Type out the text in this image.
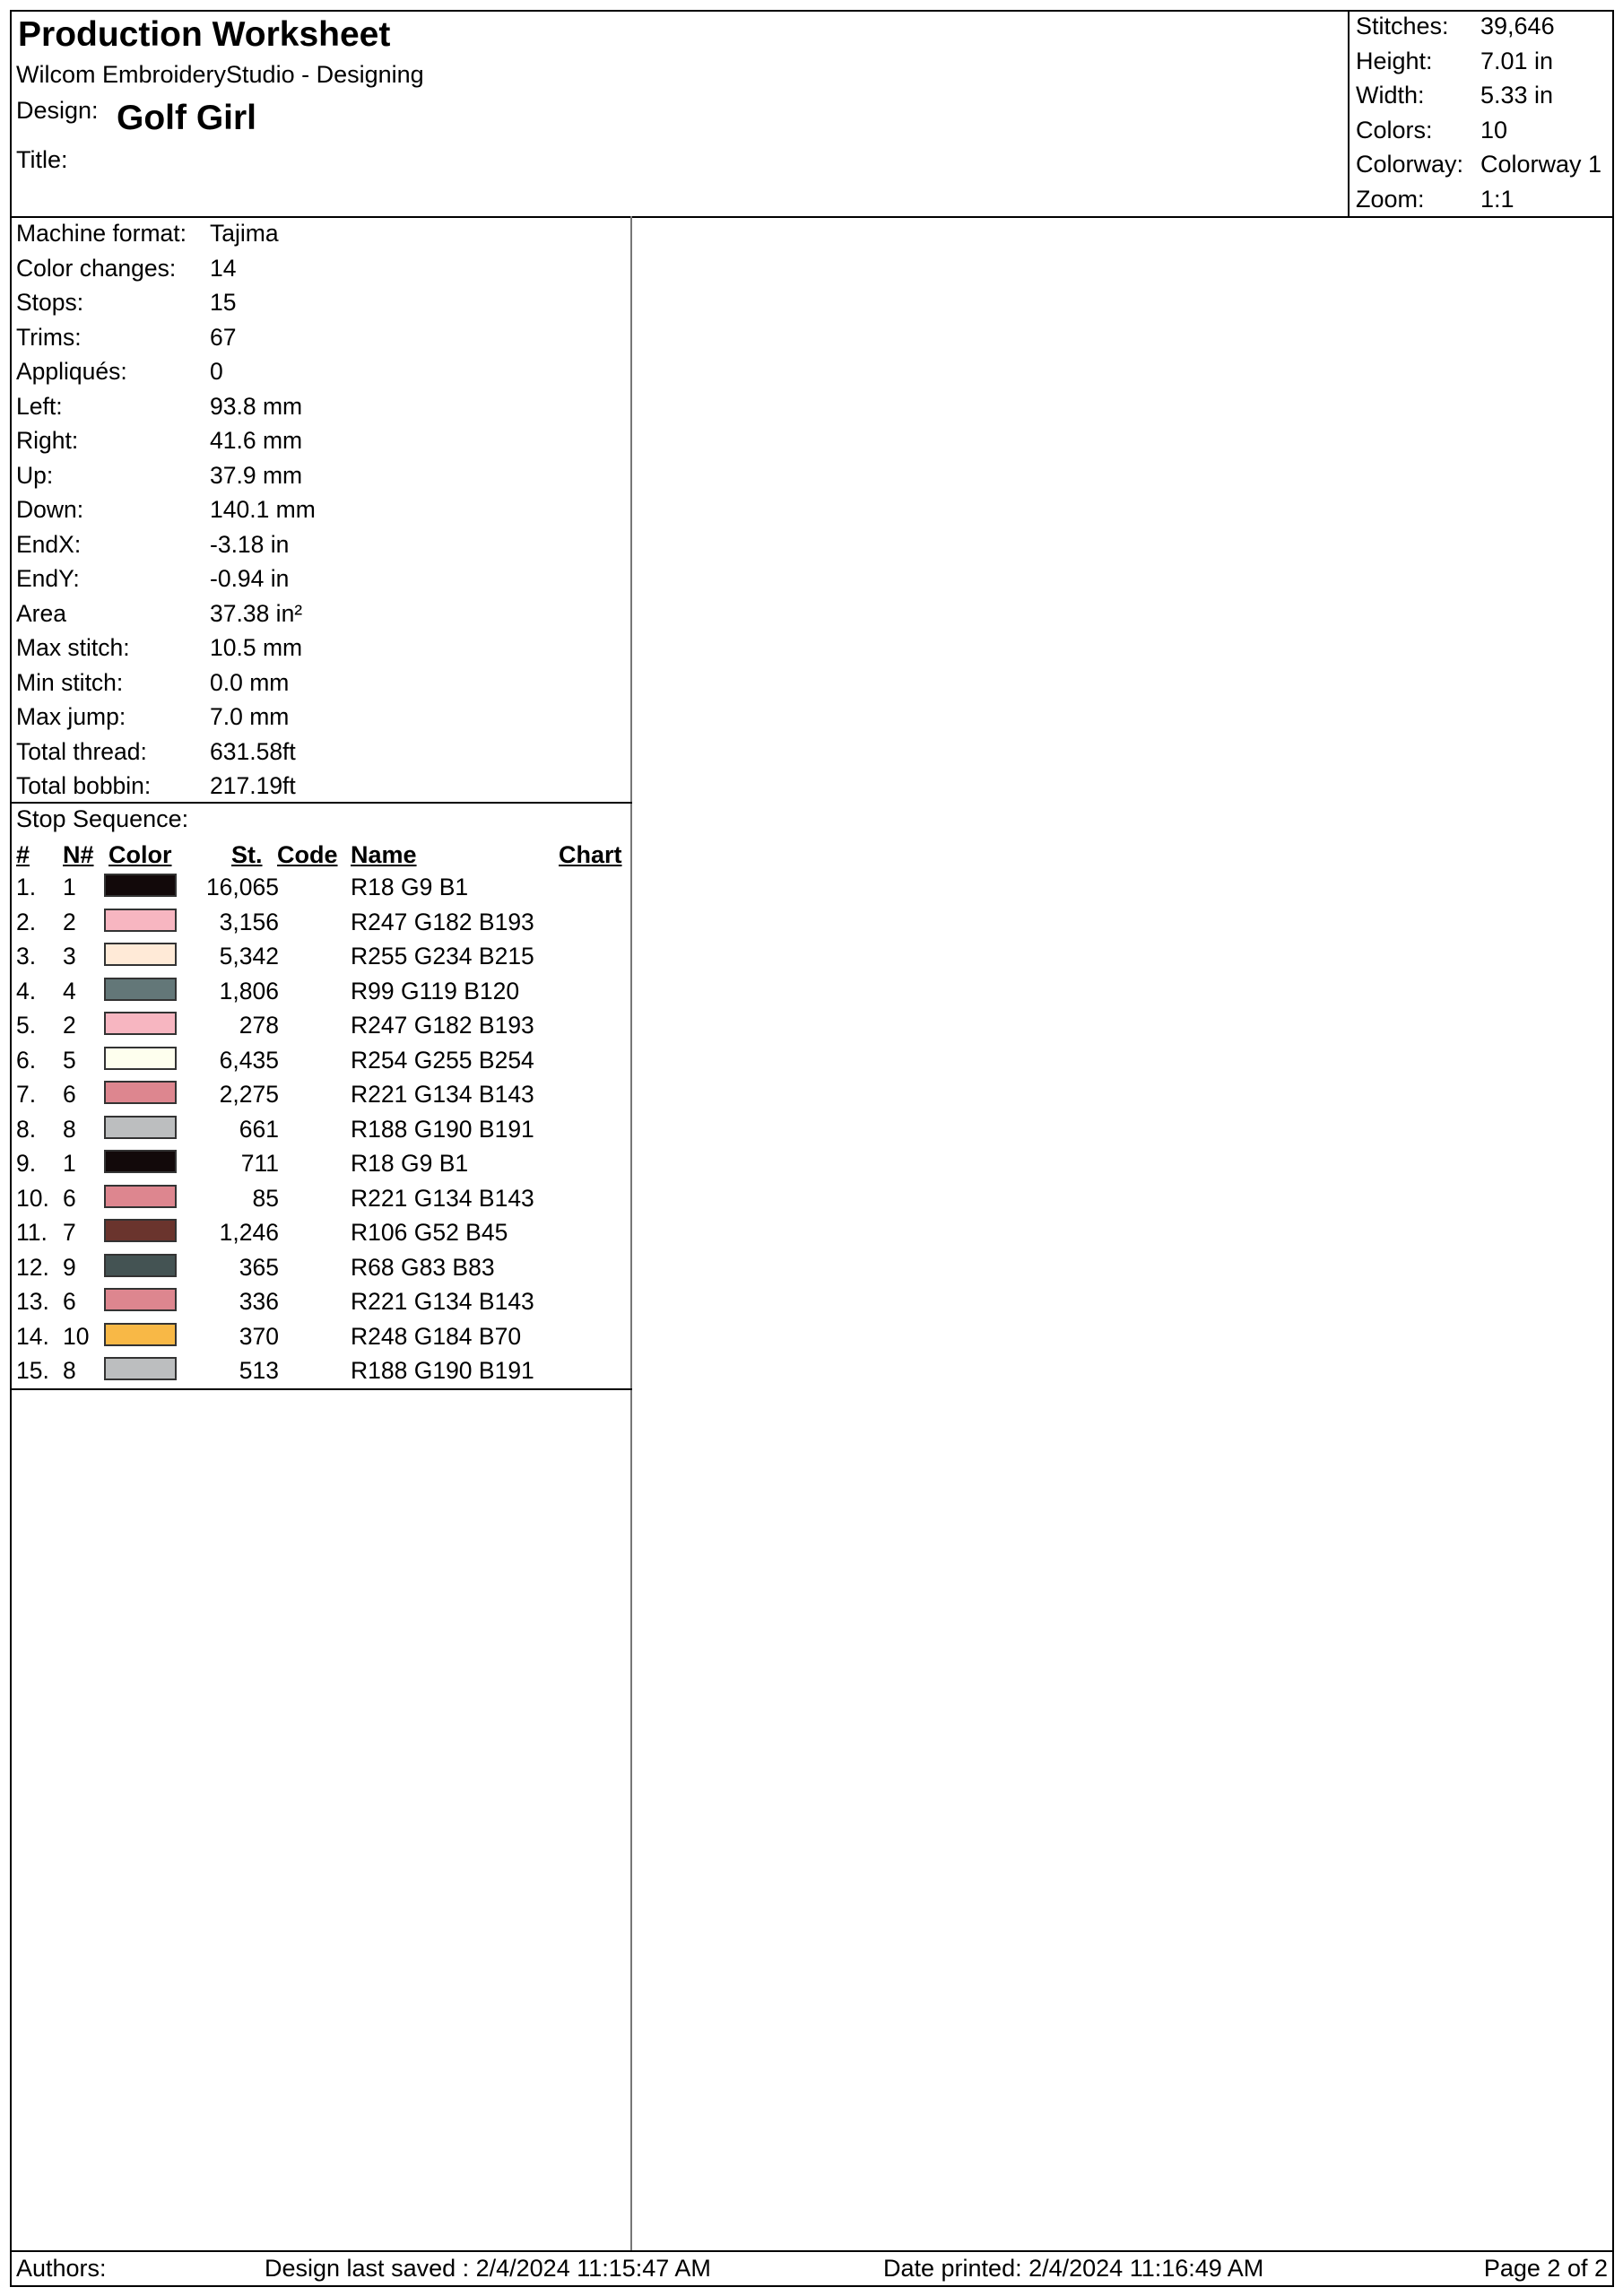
Production Worksheet
Wilcom EmbroideryStudio - Designing
Design: Golf Girl
Title:
Stitches: 39,646
Height: 7.01 in
Width: 5.33 in
Colors: 10
Colorway: Colorway 1
Zoom: 1:1
Machine format: Tajima
Color changes: 14
Stops:	15
Trims:	67
Appliqués:	0
Left:	93.8 mm
Right:	41.6 mm
Up:	37.9 mm
Down:	140.1 mm
EndX:	-3.18 in
EndY:	-0.94 in
Area	37.38 in²
Max stitch:	10.5 mm
Min stitch:	0.0 mm
Max jump:	7.0 mm
Total thread:	631.58ft
Total bobbin: 217.19ft
Stop Sequence:
# N# Color St. Code Name	Chart
1. 1	16,065	R18 G9 B1
2. 2	3,156	R247 G182 B193
3. 3	5,342	R255 G234 B215
4. 4	1,806	R99 G119 B120
5. 2	278	R247 G182 B193
6. 5	6,435	R254 G255 B254
7. 6	2,275	R221 G134 B143
8. 8	661	R188 G190 B191
9. 1	711	R18 G9 B1
10. 6	85	R221 G134 B143
11. 7	1,246	R106 G52 B45
12. 9	365	R68 G83 B83
13. 6	336	R221 G134 B143
14. 10	370	R248 G184 B70
15. 8	513	R188 G190 B191
Authors:	Design last saved : 2/4/2024 11:15:47 AM	Date printed: 2/4/2024 11:16:49 AM	Page 2 of 2
